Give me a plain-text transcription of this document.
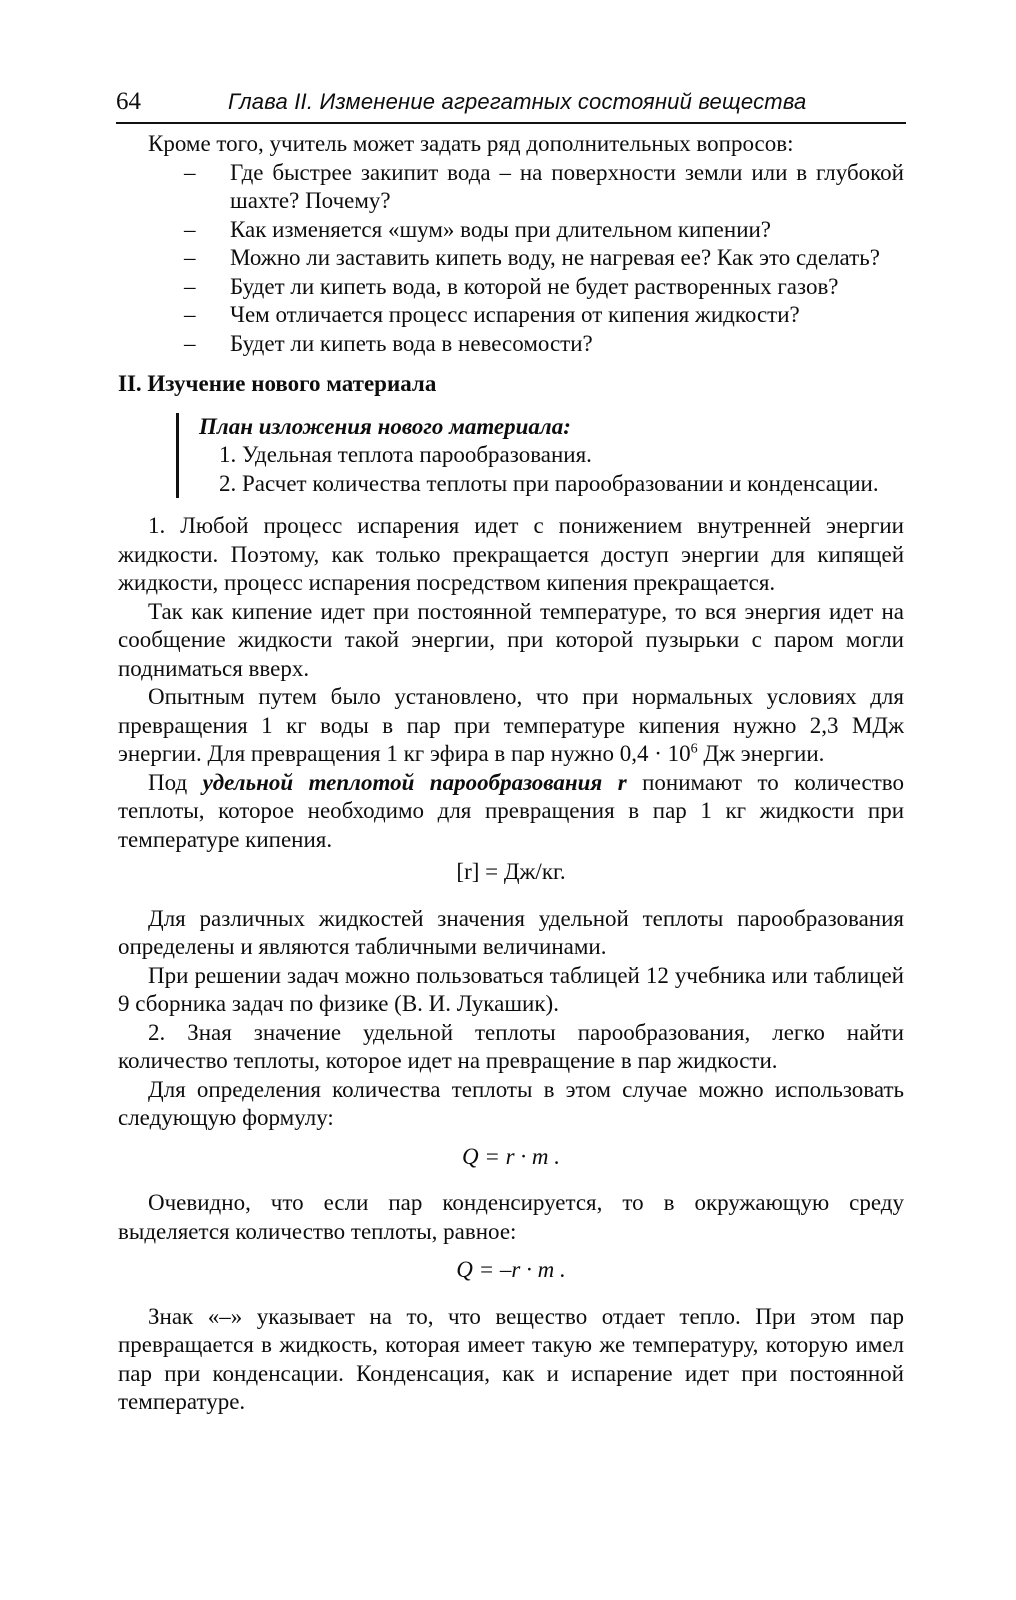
64	Глава II. Изменение агрегатных состояний вещества

Кроме того, учитель может задать ряд дополнительных вопросов:

– Где быстрее закипит вода – на поверхности земли или в глубокой шахте? Почему?
– Как изменяется «шум» воды при длительном кипении?
– Можно ли заставить кипеть воду, не нагревая ее? Как это сделать?
– Будет ли кипеть вода, в которой не будет растворенных газов?
– Чем отличается процесс испарения от кипения жидкости?
– Будет ли кипеть вода в невесомости?
II. Изучение нового материала
План изложения нового материала:
1. Удельная теплота парообразования.
2. Расчет количества теплоты при парообразовании и конденсации.

1. Любой процесс испарения идет с понижением внутренней энергии жидкости. Поэтому, как только прекращается доступ энергии для кипящей жидкости, процесс испарения посредством кипения прекращается.

Так как кипение идет при постоянной температуре, то вся энергия идет на сообщение жидкости такой энергии, при которой пузырьки с паром могли подниматься вверх.

Опытным путем было установлено, что при нормальных условиях для превращения 1 кг воды в пар при температуре кипения нужно 2,3 МДж энергии. Для превращения 1 кг эфира в пар нужно $0,4 \cdot 10^6$ Дж энергии.

Под удельной теплотой парообразования r понимают то количество теплоты, которое необходимо для превращения в пар 1 кг жидкости при температуре кипения.

[r] = Дж/кг.

Для различных жидкостей значения удельной теплоты парообразования определены и являются табличными величинами.

При решении задач можно пользоваться таблицей 12 учебника или таблицей 9 сборника задач по физике (В. И. Лукашик).

2. Зная значение удельной теплоты парообразования, легко найти количество теплоты, которое идет на превращение в пар жидкости.

Для определения количества теплоты в этом случае можно использовать следующую формулу:

Q = r · m .

Очевидно, что если пар конденсируется, то в окружающую среду выделяется количество теплоты, равное:

Q = –r · m .

Знак «–» указывает на то, что вещество отдает тепло. При этом пар превращается в жидкость, которая имеет такую же температуру, которую имел пар при конденсации. Конденсация, как и испарение идет при постоянной температуре.
